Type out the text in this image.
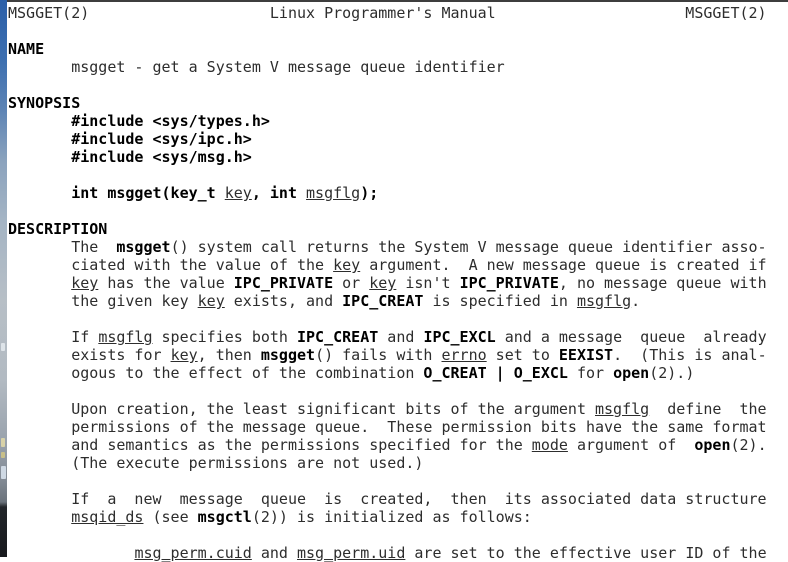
MSGGET(2)                    Linux Programmer's Manual                     MSGGET(2)
NAME
msgget - get a System V message queue identifier
SYNOPSIS
#include <sys/types.h>
#include <sys/ipc.h>
#include <sys/msg.h>
int msgget(key_t key, int msgflg);
DESCRIPTION
The  msgget() system call returns the System V message queue identifier asso-
ciated with the value of the key argument.  A new message queue is created if
key has the value IPC_PRIVATE or key isn't IPC_PRIVATE, no message queue with
the given key key exists, and IPC_CREAT is specified in msgflg.
If msgflg specifies both IPC_CREAT and IPC_EXCL and a message  queue  already
exists for key, then msgget() fails with errno set to EEXIST.  (This is anal-
ogous to the effect of the combination O_CREAT | O_EXCL for open(2).)
Upon creation, the least significant bits of the argument msgflg  define  the
permissions of the message queue.  These permission bits have the same format
and semantics as the permissions specified for the mode argument of  open(2).
(The execute permissions are not used.)
If  a  new  message  queue  is  created,  then  its associated data structure
msqid_ds (see msgctl(2)) is initialized as follows:
msg_perm.cuid and msg_perm.uid are set to the effective user ID of the
